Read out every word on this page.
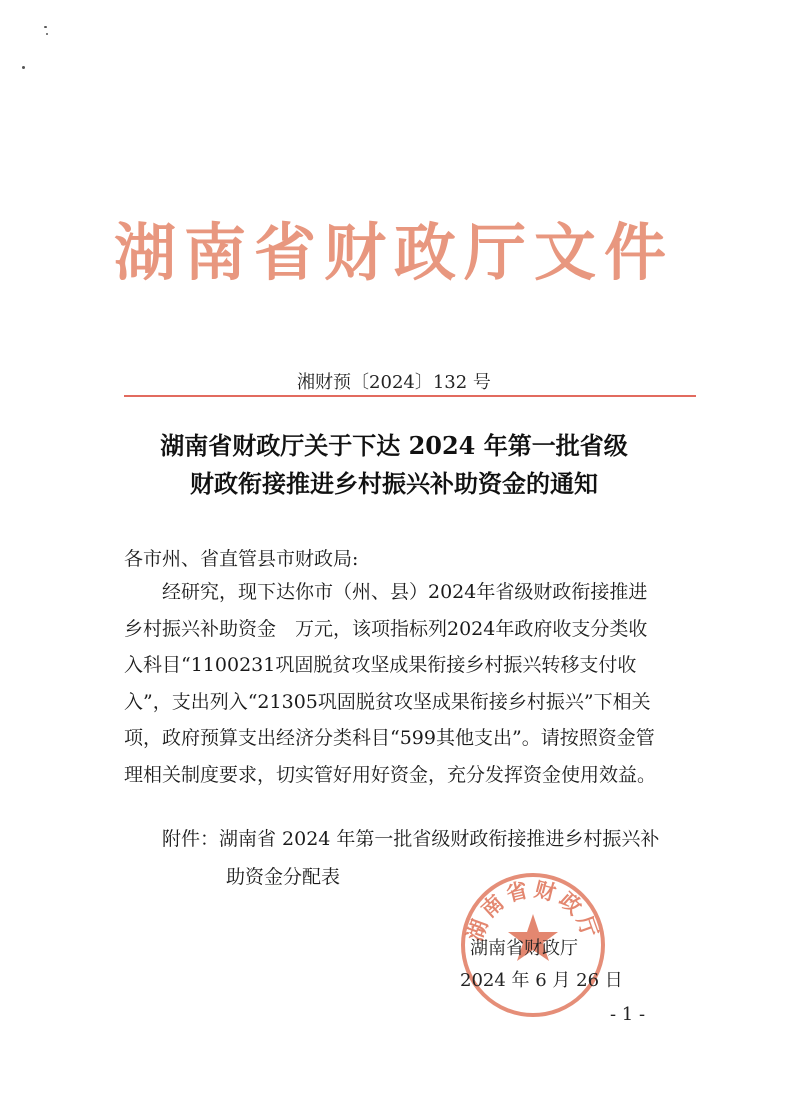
湖南省财政厅文件
湘财预〔2024〕132 号
湖南省财政厅关于下达 2024 年第一批省级
财政衔接推进乡村振兴补助资金的通知
各市州、省直管县市财政局:
经研究，现下达你市（州、县）2024年省级财政衔接推进
乡村振兴补助资金　万元，该项指标列2024年政府收支分类收
入科目“1100231巩固脱贫攻坚成果衔接乡村振兴转移支付收
入”，支出列入“21305巩固脱贫攻坚成果衔接乡村振兴”下相关
项，政府预算支出经济分类科目“599其他支出”。请按照资金管
理相关制度要求，切实管好用好资金，充分发挥资金使用效益。
附件：湖南省 2024 年第一批省级财政衔接推进乡村振兴补
助资金分配表
湖南省财政厅
湖南省财政厅
2024 年 6 月 26 日
- 1 -
